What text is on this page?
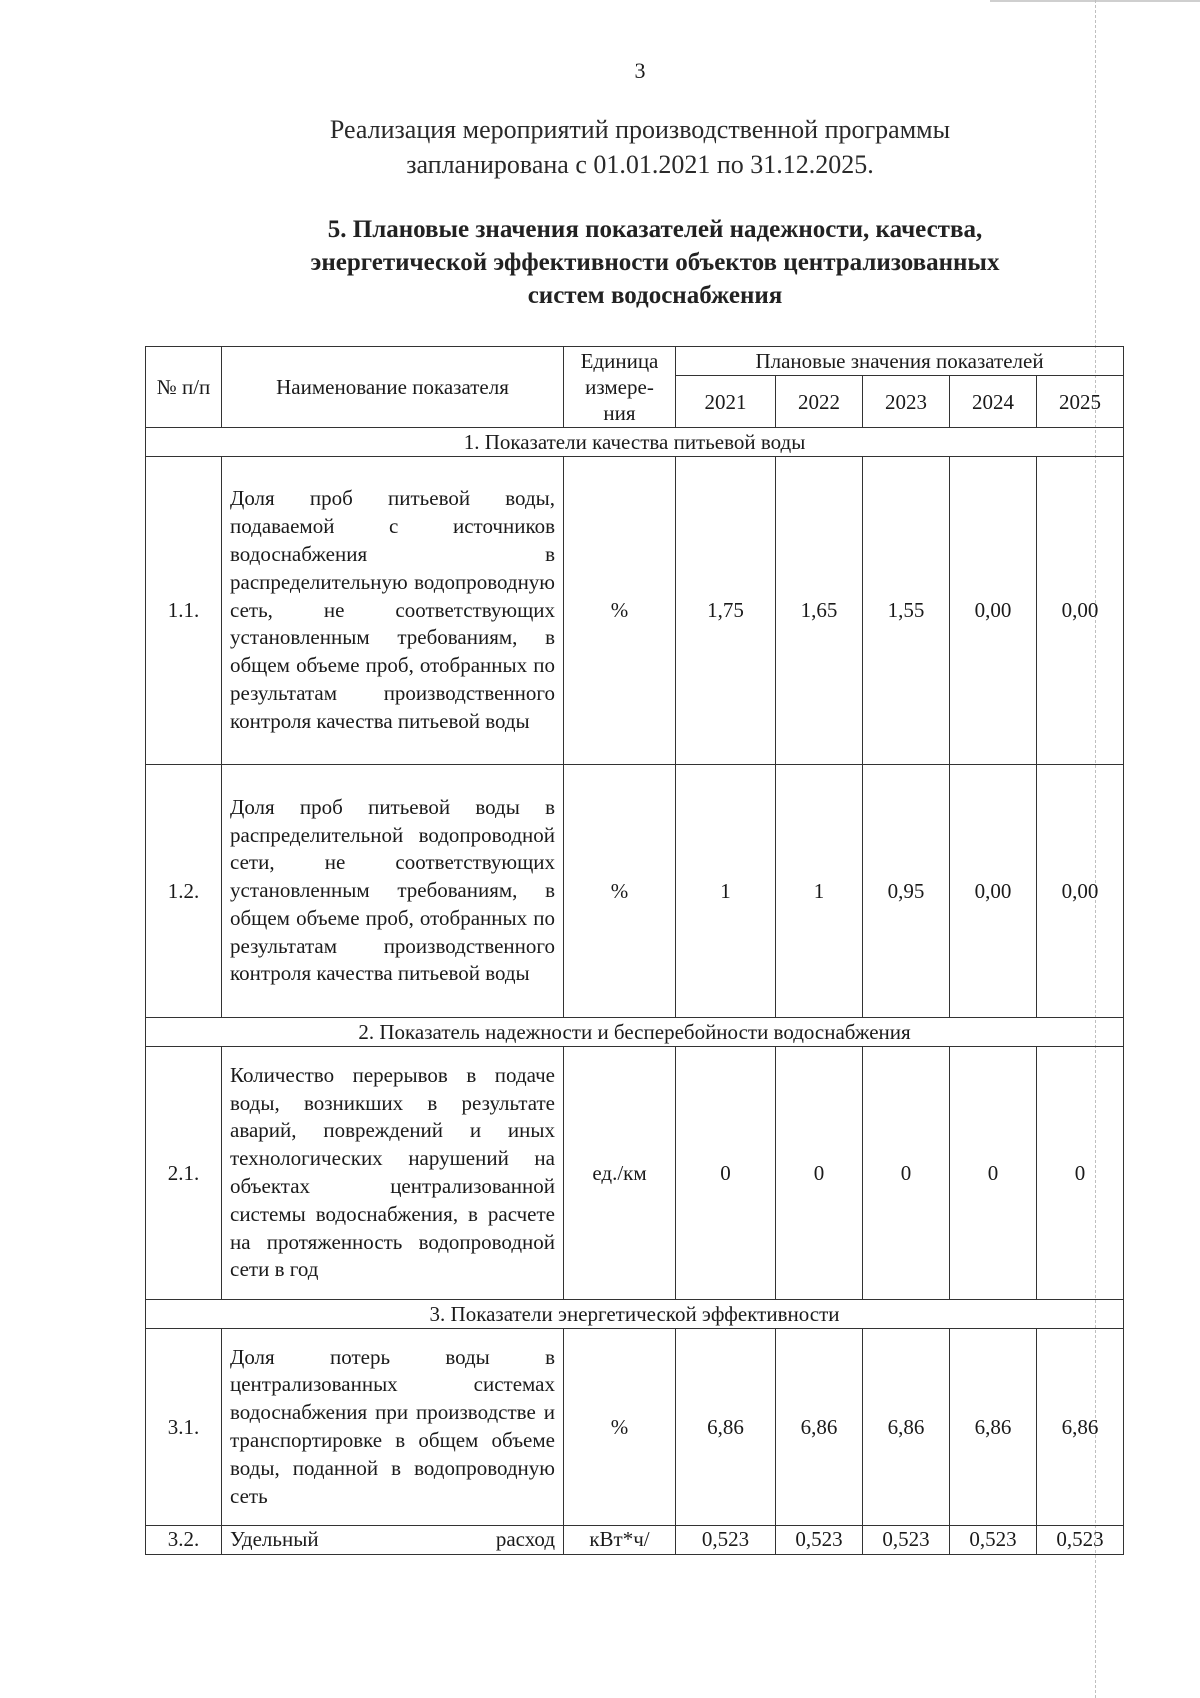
3
Реализация мероприятий производственной программы
запланирована с 01.01.2021 по 31.12.2025.
5. Плановые значения показателей надежности, качества,
энергетической эффективности объектов централизованных
систем водоснабжения
№ п/п	Наименование показателя	Единица измере-ния	Плановые значения показателей				
			2021	2022	2023	2024	2025
1. Показатели качества питьевой воды							
1.1.	Доля проб питьевой воды, подаваемой с источников водоснабжения в распределительную водопроводную сеть, не соответствующих установленным требованиям, в общем объеме проб, отобранных по результатам производственного контроля качества питьевой воды	%	1,75	1,65	1,55	0,00	0,00
1.2.	Доля проб питьевой воды в распределительной водопроводной сети, не соответствующих установленным требованиям, в общем объеме проб, отобранных по результатам производственного контроля качества питьевой воды	%	1	1	0,95	0,00	0,00
2. Показатель надежности и бесперебойности водоснабжения							
2.1.	Количество перерывов в подаче воды, возникших в результате аварий, повреждений и иных технологических нарушений на объектах централизованной системы водоснабжения, в расчете на протяженность водопроводной сети в год	ед./км	0	0	0	0	0
3. Показатели энергетической эффективности							
3.1.	Доля потерь воды в централизованных системах водоснабжения при производстве и транспортировке в общем объеме воды, поданной в водопроводную сеть	%	6,86	6,86	6,86	6,86	6,86
3.2.	Удельный расход	кВт*ч/	0,523	0,523	0,523	0,523	0,523
